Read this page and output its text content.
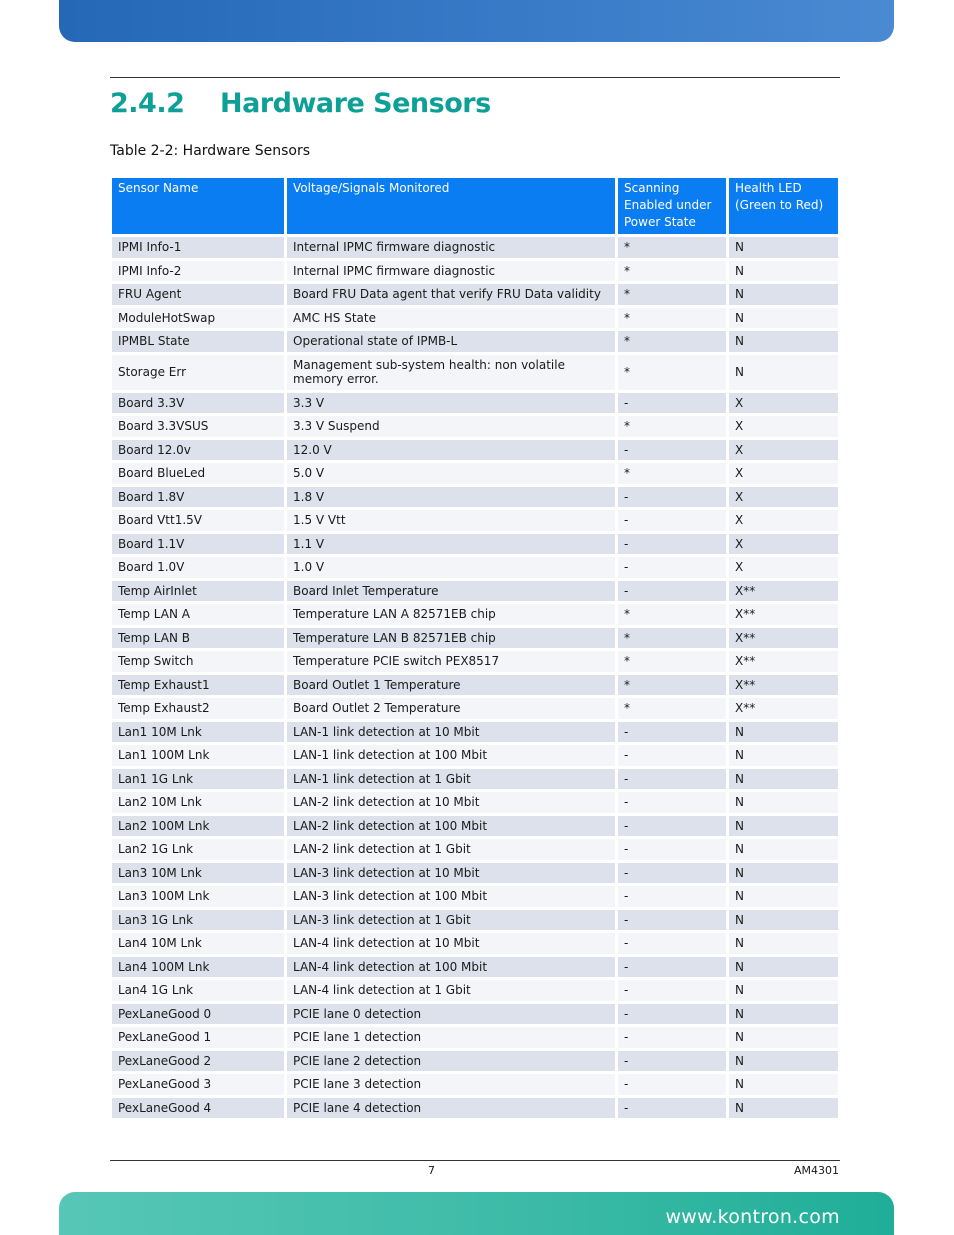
2.4.2 Hardware Sensors
Table 2-2: Hardware Sensors
Sensor Name	Voltage/Signals Monitored	Scanning Enabled under Power State	Health LED (Green to Red)
IPMI Info-1	Internal IPMC firmware diagnostic	*	N
IPMI Info-2	Internal IPMC firmware diagnostic	*	N
FRU Agent	Board FRU Data agent that verify FRU Data validity	*	N
ModuleHotSwap	AMC HS State	*	N
IPMBL State	Operational state of IPMB-L	*	N
Storage Err	Management sub-system health: non volatile memory error.	*	N
Board 3.3V	3.3 V	-	X
Board 3.3VSUS	3.3 V Suspend	*	X
Board 12.0v	12.0 V	-	X
Board BlueLed	5.0 V	*	X
Board 1.8V	1.8 V	-	X
Board Vtt1.5V	1.5 V Vtt	-	X
Board 1.1V	1.1 V	-	X
Board 1.0V	1.0 V	-	X
Temp AirInlet	Board Inlet Temperature	-	X**
Temp LAN A	Temperature LAN A 82571EB chip	*	X**
Temp LAN B	Temperature LAN B 82571EB chip	*	X**
Temp Switch	Temperature PCIE switch PEX8517	*	X**
Temp Exhaust1	Board Outlet 1 Temperature	*	X**
Temp Exhaust2	Board Outlet 2 Temperature	*	X**
Lan1 10M Lnk	LAN-1 link detection at 10 Mbit	-	N
Lan1 100M Lnk	LAN-1 link detection at 100 Mbit	-	N
Lan1 1G Lnk	LAN-1 link detection at 1 Gbit	-	N
Lan2 10M Lnk	LAN-2 link detection at 10 Mbit	-	N
Lan2 100M Lnk	LAN-2 link detection at 100 Mbit	-	N
Lan2 1G Lnk	LAN-2 link detection at 1 Gbit	-	N
Lan3 10M Lnk	LAN-3 link detection at 10 Mbit	-	N
Lan3 100M Lnk	LAN-3 link detection at 100 Mbit	-	N
Lan3 1G Lnk	LAN-3 link detection at 1 Gbit	-	N
Lan4 10M Lnk	LAN-4 link detection at 10 Mbit	-	N
Lan4 100M Lnk	LAN-4 link detection at 100 Mbit	-	N
Lan4 1G Lnk	LAN-4 link detection at 1 Gbit	-	N
PexLaneGood 0	PCIE lane 0 detection	-	N
PexLaneGood 1	PCIE lane 1 detection	-	N
PexLaneGood 2	PCIE lane 2 detection	-	N
PexLaneGood 3	PCIE lane 3 detection	-	N
PexLaneGood 4	PCIE lane 4 detection	-	N
7	AM4301
www.kontron.com
